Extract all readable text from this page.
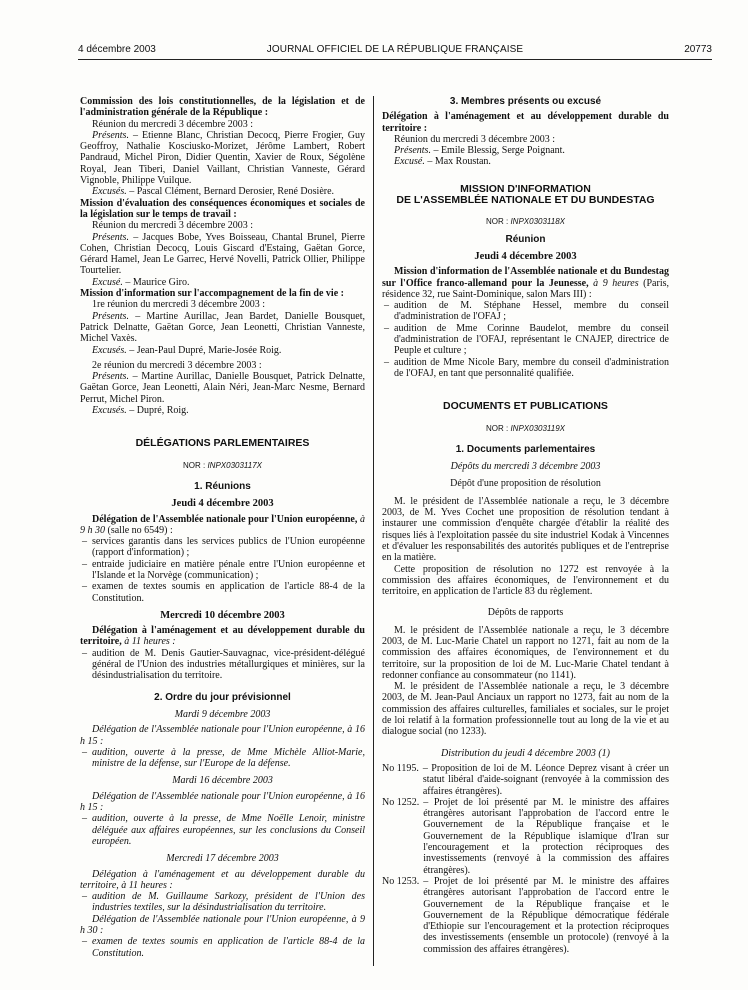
4 décembre 2003	JOURNAL OFFICIEL DE LA RÉPUBLIQUE FRANÇAISE	20773

Commission des lois constitutionnelles, de la législation et de l'administration générale de la République :

Réunion du mercredi 3 décembre 2003 :

Présents. – Etienne Blanc, Christian Decocq, Pierre Frogier, Guy Geoffroy, Nathalie Kosciusko-Morizet, Jérôme Lambert, Robert Pandraud, Michel Piron, Didier Quentin, Xavier de Roux, Ségolène Royal, Jean Tiberi, Daniel Vaillant, Christian Vanneste, Gérard Vignoble, Philippe Vuilque.

Excusés. – Pascal Clément, Bernard Derosier, René Dosière.

Mission d'évaluation des conséquences économiques et sociales de la législation sur le temps de travail :

Réunion du mercredi 3 décembre 2003 :

Présents. – Jacques Bobe, Yves Boisseau, Chantal Brunel, Pierre Cohen, Christian Decocq, Louis Giscard d'Estaing, Gaëtan Gorce, Gérard Hamel, Jean Le Garrec, Hervé Novelli, Patrick Ollier, Philippe Tourtelier.

Excusé. – Maurice Giro.

Mission d'information sur l'accompagnement de la fin de vie :

1re réunion du mercredi 3 décembre 2003 :

Présents. – Martine Aurillac, Jean Bardet, Danielle Bousquet, Patrick Delnatte, Gaëtan Gorce, Jean Leonetti, Christian Vanneste, Michel Vaxès.

Excusés. – Jean-Paul Dupré, Marie-Josée Roig.

2e réunion du mercredi 3 décembre 2003 :

Présents. – Martine Aurillac, Danielle Bousquet, Patrick Delnatte, Gaëtan Gorce, Jean Leonetti, Alain Néri, Jean-Marc Nesme, Bernard Perrut, Michel Piron.

Excusés. – Dupré, Roig.

DÉLÉGATIONS PARLEMENTAIRES

NOR : INPX0303117X

1. Réunions

Jeudi 4 décembre 2003

Délégation de l'Assemblée nationale pour l'Union européenne, à 9 h 30 (salle no 6549) :

– services garantis dans les services publics de l'Union européenne (rapport d'information) ;
– entraide judiciaire en matière pénale entre l'Union européenne et l'Islande et la Norvège (communication) ;
– examen de textes soumis en application de l'article 88-4 de la Constitution.

Mercredi 10 décembre 2003

Délégation à l'aménagement et au développement durable du territoire, à 11 heures :

– audition de M. Denis Gautier-Sauvagnac, vice-président-délégué général de l'Union des industries métallurgiques et minières, sur la désindustrialisation du territoire.

2. Ordre du jour prévisionnel

Mardi 9 décembre 2003

Délégation de l'Assemblée nationale pour l'Union européenne, à 16 h 15 :

– audition, ouverte à la presse, de Mme Michèle Alliot-Marie, ministre de la défense, sur l'Europe de la défense.

Mardi 16 décembre 2003

Délégation de l'Assemblée nationale pour l'Union européenne, à 16 h 15 :

– audition, ouverte à la presse, de Mme Noëlle Lenoir, ministre déléguée aux affaires européennes, sur les conclusions du Conseil européen.

Mercredi 17 décembre 2003

Délégation à l'aménagement et au développement durable du territoire, à 11 heures :

– audition de M. Guillaume Sarkozy, président de l'Union des industries textiles, sur la désindustrialisation du territoire.

Délégation de l'Assemblée nationale pour l'Union européenne, à 9 h 30 :

– examen de textes soumis en application de l'article 88-4 de la Constitution.

3. Membres présents ou excusé

Délégation à l'aménagement et au développement durable du territoire :

Réunion du mercredi 3 décembre 2003 :

Présents. – Emile Blessig, Serge Poignant.

Excusé. – Max Roustan.

MISSION D'INFORMATION

DE L'ASSEMBLÉE NATIONALE ET DU BUNDESTAG

NOR : INPX0303118X

Réunion

Jeudi 4 décembre 2003

Mission d'information de l'Assemblée nationale et du Bundestag sur l'Office franco-allemand pour la Jeunesse, à 9 heures (Paris, résidence 32, rue Saint-Dominique, salon Mars III) :

– audition de M. Stéphane Hessel, membre du conseil d'administration de l'OFAJ ;
– audition de Mme Corinne Baudelot, membre du conseil d'administration de l'OFAJ, représentant le CNAJEP, directrice de Peuple et culture ;
– audition de Mme Nicole Bary, membre du conseil d'administration de l'OFAJ, en tant que personnalité qualifiée.

DOCUMENTS ET PUBLICATIONS

NOR : INPX0303119X

1. Documents parlementaires

Dépôts du mercredi 3 décembre 2003

Dépôt d'une proposition de résolution

M. le président de l'Assemblée nationale a reçu, le 3 décembre 2003, de M. Yves Cochet une proposition de résolution tendant à instaurer une commission d'enquête chargée d'établir la réalité des risques liés à l'exploitation passée du site industriel Kodak à Vincennes et d'évaluer les responsabilités des autorités publiques et de l'entreprise en la matière.

Cette proposition de résolution no 1272 est renvoyée à la commission des affaires économiques, de l'environnement et du territoire, en application de l'article 83 du règlement.

Dépôts de rapports

M. le président de l'Assemblée nationale a reçu, le 3 décembre 2003, de M. Luc-Marie Chatel un rapport no 1271, fait au nom de la commission des affaires économiques, de l'environnement et du territoire, sur la proposition de loi de M. Luc-Marie Chatel tendant à redonner confiance au consommateur (no 1141).

M. le président de l'Assemblée nationale a reçu, le 3 décembre 2003, de M. Jean-Paul Anciaux un rapport no 1273, fait au nom de la commission des affaires culturelles, familiales et sociales, sur le projet de loi relatif à la formation professionnelle tout au long de la vie et au dialogue social (no 1233).

Distribution du jeudi 4 décembre 2003 (1)

No 1195. – Proposition de loi de M. Léonce Deprez visant à créer un statut libéral d'aide-soignant (renvoyée à la commission des affaires étrangères).
No 1252. – Projet de loi présenté par M. le ministre des affaires étrangères autorisant l'approbation de l'accord entre le Gouvernement de la République française et le Gouvernement de la République islamique d'Iran sur l'encouragement et la protection réciproques des investissements (renvoyé à la commission des affaires étrangères).
No 1253. – Projet de loi présenté par M. le ministre des affaires étrangères autorisant l'approbation de l'accord entre le Gouvernement de la République française et le Gouvernement de la République démocratique fédérale d'Ethiopie sur l'encouragement et la protection réciproques des investissements (ensemble un protocole) (renvoyé à la commission des affaires étrangères).
